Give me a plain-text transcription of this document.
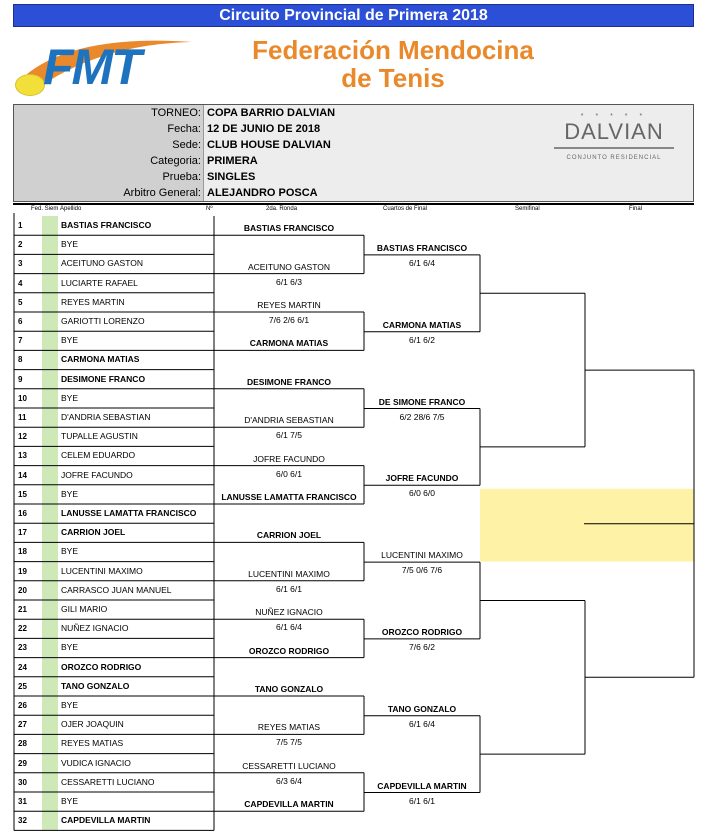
Circuito Provincial de Primera 2018
FMT	Federación Mendocina
de Tenis
TORNEO: COPA BARRIO DALVIAN
Fecha: 12 DE JUNIO DE 2018
Sede: CLUB HOUSE DALVIAN
Categoria: PRIMERA
Prueba: SINGLES
Arbitro General: ALEJANDRO POSCA
* * * * *
DALVIAN
CONJUNTO RESIDENCIAL
Fed. Siem Apellido	Nº	2da. Ronda	Cuartos de Final	Semifinal	Final
1	BASTIAS FRANCISCO
2	BYE
3	ACEITUNO GASTON
4	LUCIARTE RAFAEL
5	REYES MARTIN
6	GARIOTTI LORENZO
7	BYE
8	CARMONA MATIAS
9	DESIMONE FRANCO
10	BYE
11	D'ANDRIA SEBASTIAN
12	TUPALLE AGUSTIN
13	CELEM EDUARDO
14	JOFRE FACUNDO
15	BYE
16	LANUSSE LAMATTA FRANCISCO
17	CARRION JOEL
18	BYE
19	LUCENTINI MAXIMO
20	CARRASCO JUAN MANUEL
21	GILI MARIO
22	NUÑEZ IGNACIO
23	BYE
24	OROZCO RODRIGO
25	TANO GONZALO
26	BYE
27	OJER JOAQUIN
28	REYES MATIAS
29	VUDICA IGNACIO
30	CESSARETTI LUCIANO
31	BYE
32	CAPDEVILLA MARTIN
BASTIAS FRANCISCO
ACEITUNO GASTON
6/1 6/3
REYES MARTIN
7/6 2/6 6/1
CARMONA MATIAS
DESIMONE FRANCO
D'ANDRIA SEBASTIAN
6/1 7/5
JOFRE FACUNDO
6/0 6/1
LANUSSE LAMATTA FRANCISCO
CARRION JOEL
LUCENTINI MAXIMO
6/1 6/1
NUÑEZ IGNACIO
6/1 6/4
OROZCO RODRIGO
TANO GONZALO
REYES MATIAS
7/5 7/5
CESSARETTI LUCIANO
6/3 6/4
CAPDEVILLA MARTIN
BASTIAS FRANCISCO
6/1 6/4
CARMONA MATIAS
6/1 6/2
DE SIMONE FRANCO
6/2 28/6 7/5
JOFRE FACUNDO
6/0 6/0
LUCENTINI MAXIMO
7/5 0/6 7/6
OROZCO RODRIGO
7/6 6/2
TANO GONZALO
6/1 6/4
CAPDEVILLA MARTIN
6/1 6/1
